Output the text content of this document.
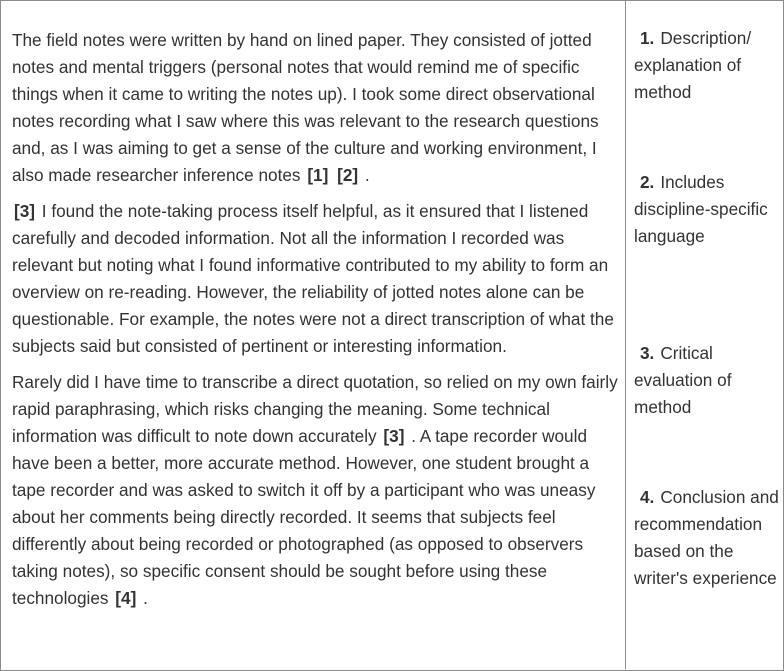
The field notes were written by hand on lined paper. They consisted of jotted notes and mental triggers (personal notes that would remind me of specific things when it came to writing the notes up). I took some direct observational notes recording what I saw where this was relevant to the research questions and, as I was aiming to get a sense of the culture and working environment, I also made researcher inference notes [1] [2] .

[3] I found the note-taking process itself helpful, as it ensured that I listened carefully and decoded information. Not all the information I recorded was relevant but noting what I found informative contributed to my ability to form an overview on re-reading. However, the reliability of jotted notes alone can be questionable. For example, the notes were not a direct transcription of what the subjects said but consisted of pertinent or interesting information.

Rarely did I have time to transcribe a direct quotation, so relied on my own fairly rapid paraphrasing, which risks changing the meaning. Some technical information was difficult to note down accurately [3] . A tape recorder would have been a better, more accurate method. However, one student brought a tape recorder and was asked to switch it off by a participant who was uneasy about her comments being directly recorded. It seems that subjects feel differently about being recorded or photographed (as opposed to observers taking notes), so specific consent should be sought before using these technologies [4] .

1. Description/ explanation of method
2. Includes discipline-specific language
3. Critical evaluation of method
4. Conclusion and recommendation based on the writer's experience
